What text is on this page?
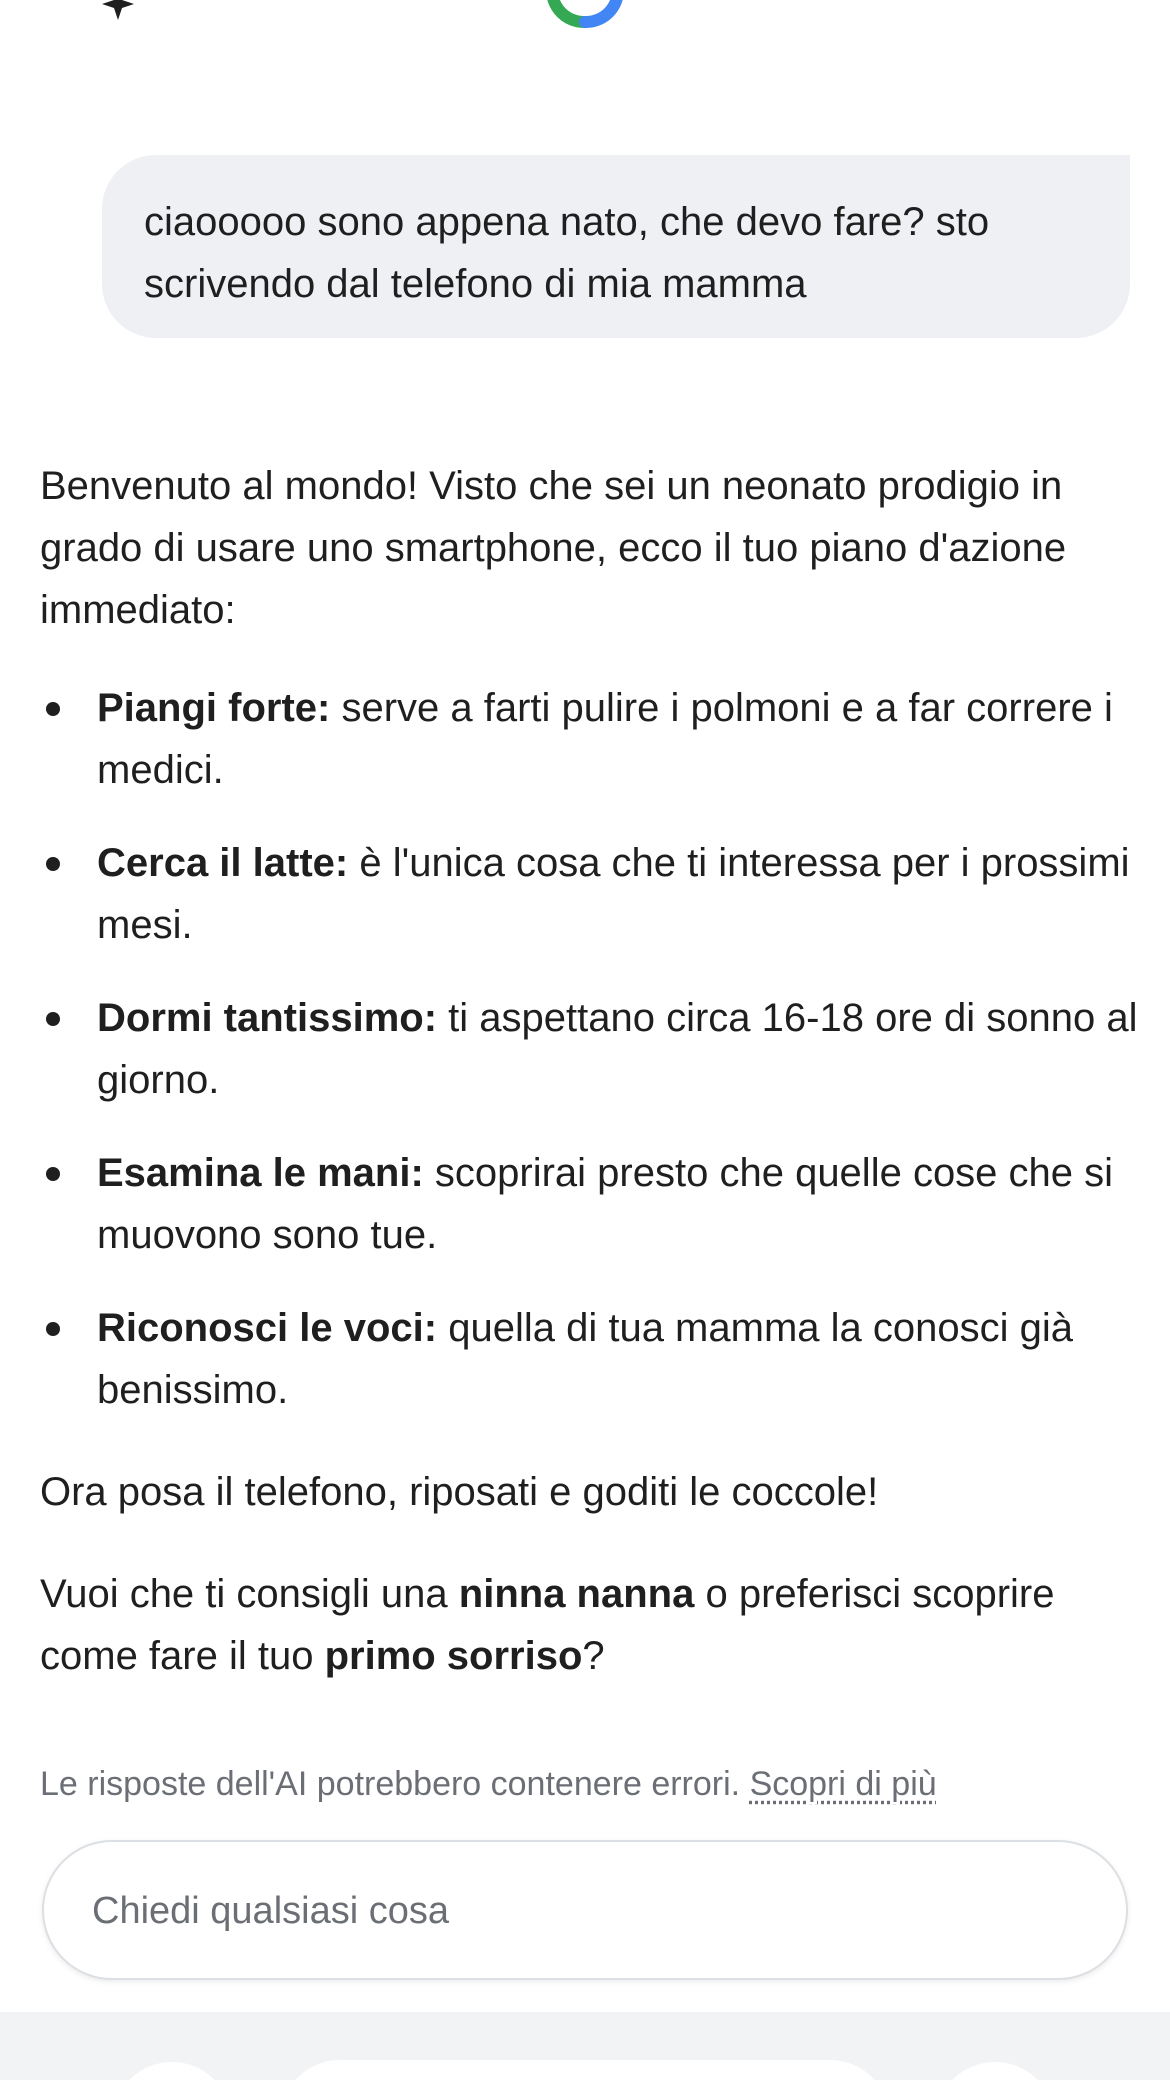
ciaooooo sono appena nato, che devo fare? sto scrivendo dal telefono di mia mamma

Benvenuto al mondo! Visto che sei un neonato prodigio in grado di usare uno smartphone, ecco il tuo piano d'azione immediato:

Piangi forte: serve a farti pulire i polmoni e a far correre i medici.
Cerca il latte: è l'unica cosa che ti interessa per i prossimi mesi.
Dormi tantissimo: ti aspettano circa 16-18 ore di sonno al giorno.
Esamina le mani: scoprirai presto che quelle cose che si muovono sono tue.
Riconosci le voci: quella di tua mamma la conosci già benissimo.

Ora posa il telefono, riposati e goditi le coccole!

Vuoi che ti consigli una ninna nanna o preferisci scoprire come fare il tuo primo sorriso?

Le risposte dell'AI potrebbero contenere errori. Scopri di più
Chiedi qualsiasi cosa
